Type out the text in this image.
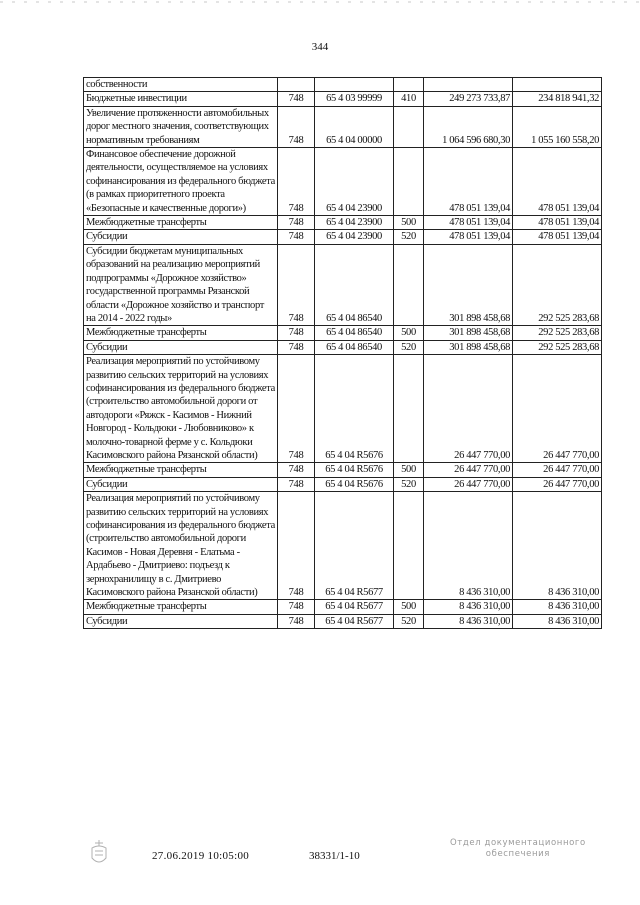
344
собственности					
Бюджетные инвестиции	748	65 4 03 99999	410	249 273 733,87	234 818 941,32
Увеличение протяженности автомобильных дорог местного значения, соответствующих нормативным требованиям	748	65 4 04 00000		1 064 596 680,30	1 055 160 558,20
Финансовое обеспечение дорожной деятельности, осуществляемое на условиях софинансирования из федерального бюджета (в рамках приоритетного проекта «Безопасные и качественные дороги»)	748	65 4 04 23900		478 051 139,04	478 051 139,04
Межбюджетные трансферты	748	65 4 04 23900	500	478 051 139,04	478 051 139,04
Субсидии	748	65 4 04 23900	520	478 051 139,04	478 051 139,04
Субсидии бюджетам муниципальных образований на реализацию мероприятий подпрограммы «Дорожное хозяйство» государственной программы Рязанской области «Дорожное хозяйство и транспорт на 2014 - 2022 годы»	748	65 4 04 86540		301 898 458,68	292 525 283,68
Межбюджетные трансферты	748	65 4 04 86540	500	301 898 458,68	292 525 283,68
Субсидии	748	65 4 04 86540	520	301 898 458,68	292 525 283,68
Реализация мероприятий по устойчивому развитию сельских территорий на условиях софинансирования из федерального бюджета (строительство автомобильной дороги от автодороги «Ряжск - Касимов - Нижний Новгород - Кольдюки - Любовниково» к молочно-товарной ферме у с. Кольдюки Касимовского района Рязанской области)	748	65 4 04 R5676		26 447 770,00	26 447 770,00
Межбюджетные трансферты	748	65 4 04 R5676	500	26 447 770,00	26 447 770,00
Субсидии	748	65 4 04 R5676	520	26 447 770,00	26 447 770,00
Реализация мероприятий по устойчивому развитию сельских территорий на условиях софинансирования из федерального бюджета (строительство автомобильной дороги Касимов - Новая Деревня - Елатьма - Ардабьево - Дмитриево: подъезд к зернохранилищу в с. Дмитриево Касимовского района Рязанской области)	748	65 4 04 R5677		8 436 310,00	8 436 310,00
Межбюджетные трансферты	748	65 4 04 R5677	500	8 436 310,00	8 436 310,00
Субсидии	748	65 4 04 R5677	520	8 436 310,00	8 436 310,00
27.06.2019 10:05:00	38331/1-10
Отдел документационного
обеспечения
